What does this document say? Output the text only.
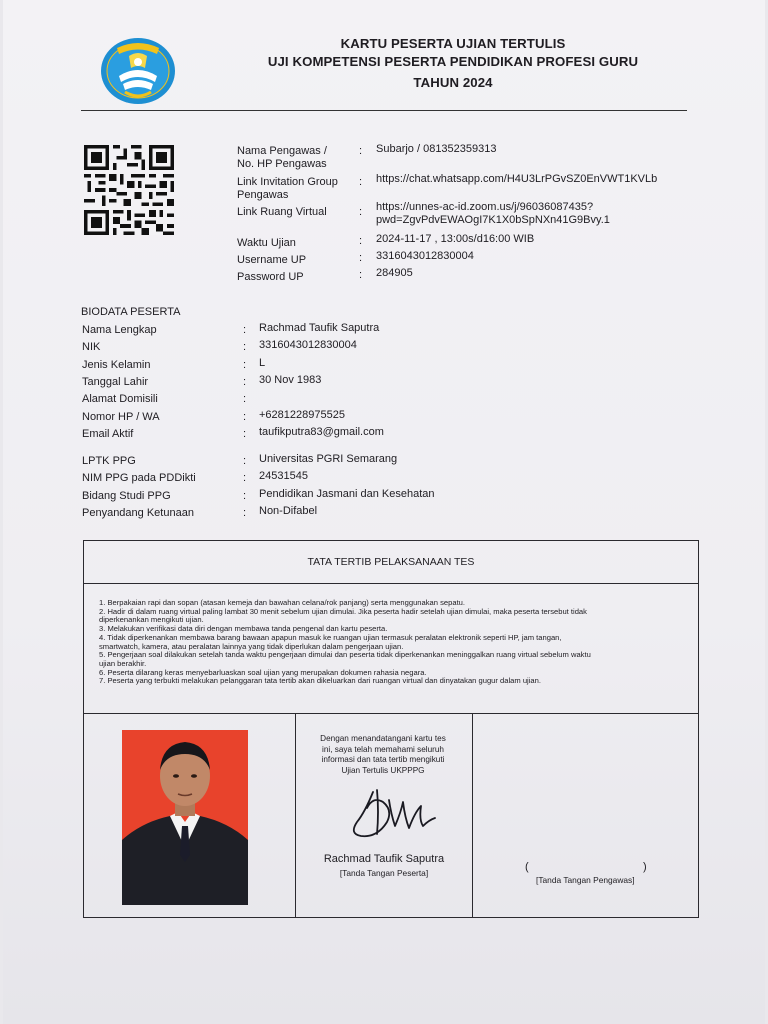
KARTU PESERTA UJIAN TERTULIS
UJI KOMPETENSI PESERTA PENDIDIKAN PROFESI GURU
TAHUN 2024
Nama Pengawas /
No. HP Pengawas
: Subarjo / 081352359313
Link Invitation Group
Pengawas
: https://chat.whatsapp.com/H4U3LrPGvSZ0EnVWT1KVLb
Link Ruang Virtual	: https://unnes-ac-id.zoom.us/j/96036087435?
pwd=ZgvPdvEWAOgI7K1X0bSpNXn41G9Bvy.1
Waktu Ujian	: 2024-11-17 , 13:00s/d16:00 WIB
Username UP	: 3316043012830004
Password UP	: 284905
BIODATA PESERTA
Nama Lengkap	: Rachmad Taufik Saputra
NIK	: 3316043012830004
Jenis Kelamin	: L
Tanggal Lahir	: 30 Nov 1983
Alamat Domisili	:
Nomor HP / WA	: +6281228975525
Email Aktif	: taufikputra83@gmail.com
LPTK PPG	: Universitas PGRI Semarang
NIM PPG pada PDDikti	: 24531545
Bidang Studi PPG	: Pendidikan Jasmani dan Kesehatan
Penyandang Ketunaan	: Non-Difabel
TATA TERTIB PELAKSANAAN TES
1. Berpakaian rapi dan sopan (atasan kemeja dan bawahan celana/rok panjang) serta menggunakan sepatu.
2. Hadir di dalam ruang virtual paling lambat 30 menit sebelum ujian dimulai. Jika peserta hadir setelah ujian dimulai, maka peserta tersebut tidak
diperkenankan mengikuti ujian.
3. Melakukan verifikasi data diri dengan membawa tanda pengenal dan kartu peserta.
4. Tidak diperkenankan membawa barang bawaan apapun masuk ke ruangan ujian termasuk peralatan elektronik seperti HP, jam tangan,
smartwatch, kamera, atau peralatan lainnya yang tidak diperlukan dalam pengerjaan ujian.
5. Pengerjaan soal dilakukan setelah tanda waktu pengerjaan dimulai dan peserta tidak diperkenankan meninggalkan ruang virtual sebelum waktu
ujian berakhir.
6. Peserta dilarang keras menyebarluaskan soal ujian yang merupakan dokumen rahasia negara.
7. Peserta yang terbukti melakukan pelanggaran tata tertib akan dikeluarkan dari ruangan virtual dan dinyatakan gugur dalam ujian.
Dengan menandatangani kartu tes
ini, saya telah memahami seluruh
informasi dan tata tertib mengikuti
Ujian Tertulis UKPPPG
Rachmad Taufik Saputra
[Tanda Tangan Peserta]	(	)
[Tanda Tangan Pengawas]
